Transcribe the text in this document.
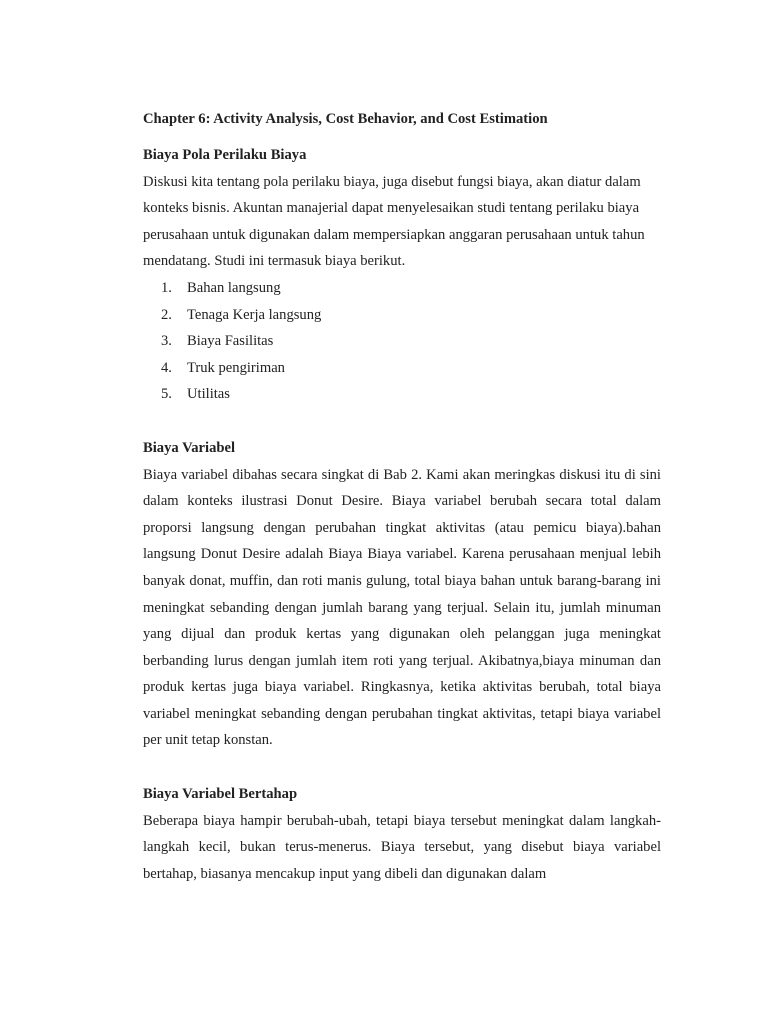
Chapter 6: Activity Analysis, Cost Behavior, and Cost Estimation
Biaya Pola Perilaku Biaya

Diskusi kita tentang pola perilaku biaya, juga disebut fungsi biaya, akan diatur dalam konteks bisnis. Akuntan manajerial dapat menyelesaikan studi tentang perilaku biaya perusahaan untuk digunakan dalam mempersiapkan anggaran perusahaan untuk tahun mendatang. Studi ini termasuk biaya berikut.

1. Bahan langsung
2. Tenaga Kerja langsung
3. Biaya Fasilitas
4. Truk pengiriman
5. Utilitas
Biaya Variabel

Biaya variabel dibahas secara singkat di Bab 2. Kami akan meringkas diskusi itu di sini dalam konteks ilustrasi Donut Desire. Biaya variabel berubah secara total dalam proporsi langsung dengan perubahan tingkat aktivitas (atau pemicu biaya).bahan langsung Donut Desire adalah Biaya Biaya variabel. Karena perusahaan menjual lebih banyak donat, muffin, dan roti manis gulung, total biaya bahan untuk barang-barang ini meningkat sebanding dengan jumlah barang yang terjual. Selain itu, jumlah minuman yang dijual dan produk kertas yang digunakan oleh pelanggan juga meningkat berbanding lurus dengan jumlah item roti yang terjual. Akibatnya,biaya minuman dan produk kertas juga biaya variabel. Ringkasnya, ketika aktivitas berubah, total biaya variabel meningkat sebanding dengan perubahan tingkat aktivitas, tetapi biaya variabel per unit tetap konstan.

Biaya Variabel Bertahap

Beberapa biaya hampir berubah-ubah, tetapi biaya tersebut meningkat dalam langkah-langkah kecil, bukan terus-menerus. Biaya tersebut, yang disebut biaya variabel bertahap, biasanya mencakup input yang dibeli dan digunakan dalam
